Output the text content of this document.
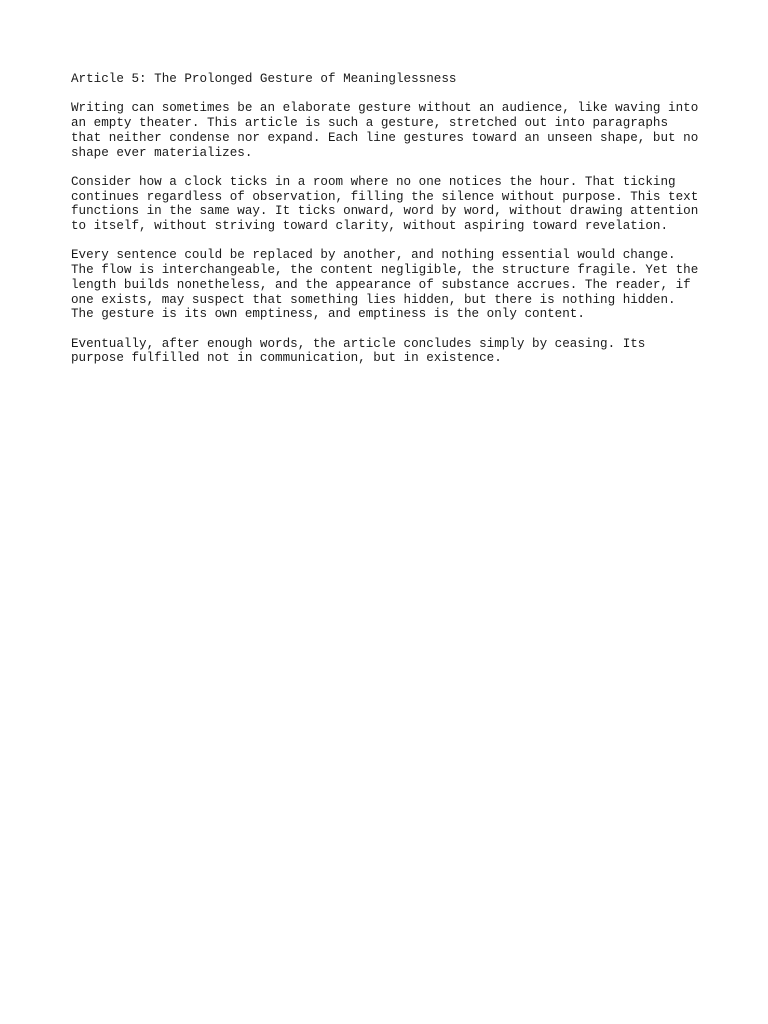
Article 5: The Prolonged Gesture of Meaninglessness
Writing can sometimes be an elaborate gesture without an audience, like waving into
an empty theater. This article is such a gesture, stretched out into paragraphs
that neither condense nor expand. Each line gestures toward an unseen shape, but no
shape ever materializes.
Consider how a clock ticks in a room where no one notices the hour. That ticking
continues regardless of observation, filling the silence without purpose. This text
functions in the same way. It ticks onward, word by word, without drawing attention
to itself, without striving toward clarity, without aspiring toward revelation.
Every sentence could be replaced by another, and nothing essential would change.
The flow is interchangeable, the content negligible, the structure fragile. Yet the
length builds nonetheless, and the appearance of substance accrues. The reader, if
one exists, may suspect that something lies hidden, but there is nothing hidden.
The gesture is its own emptiness, and emptiness is the only content.
Eventually, after enough words, the article concludes simply by ceasing. Its
purpose fulfilled not in communication, but in existence.
